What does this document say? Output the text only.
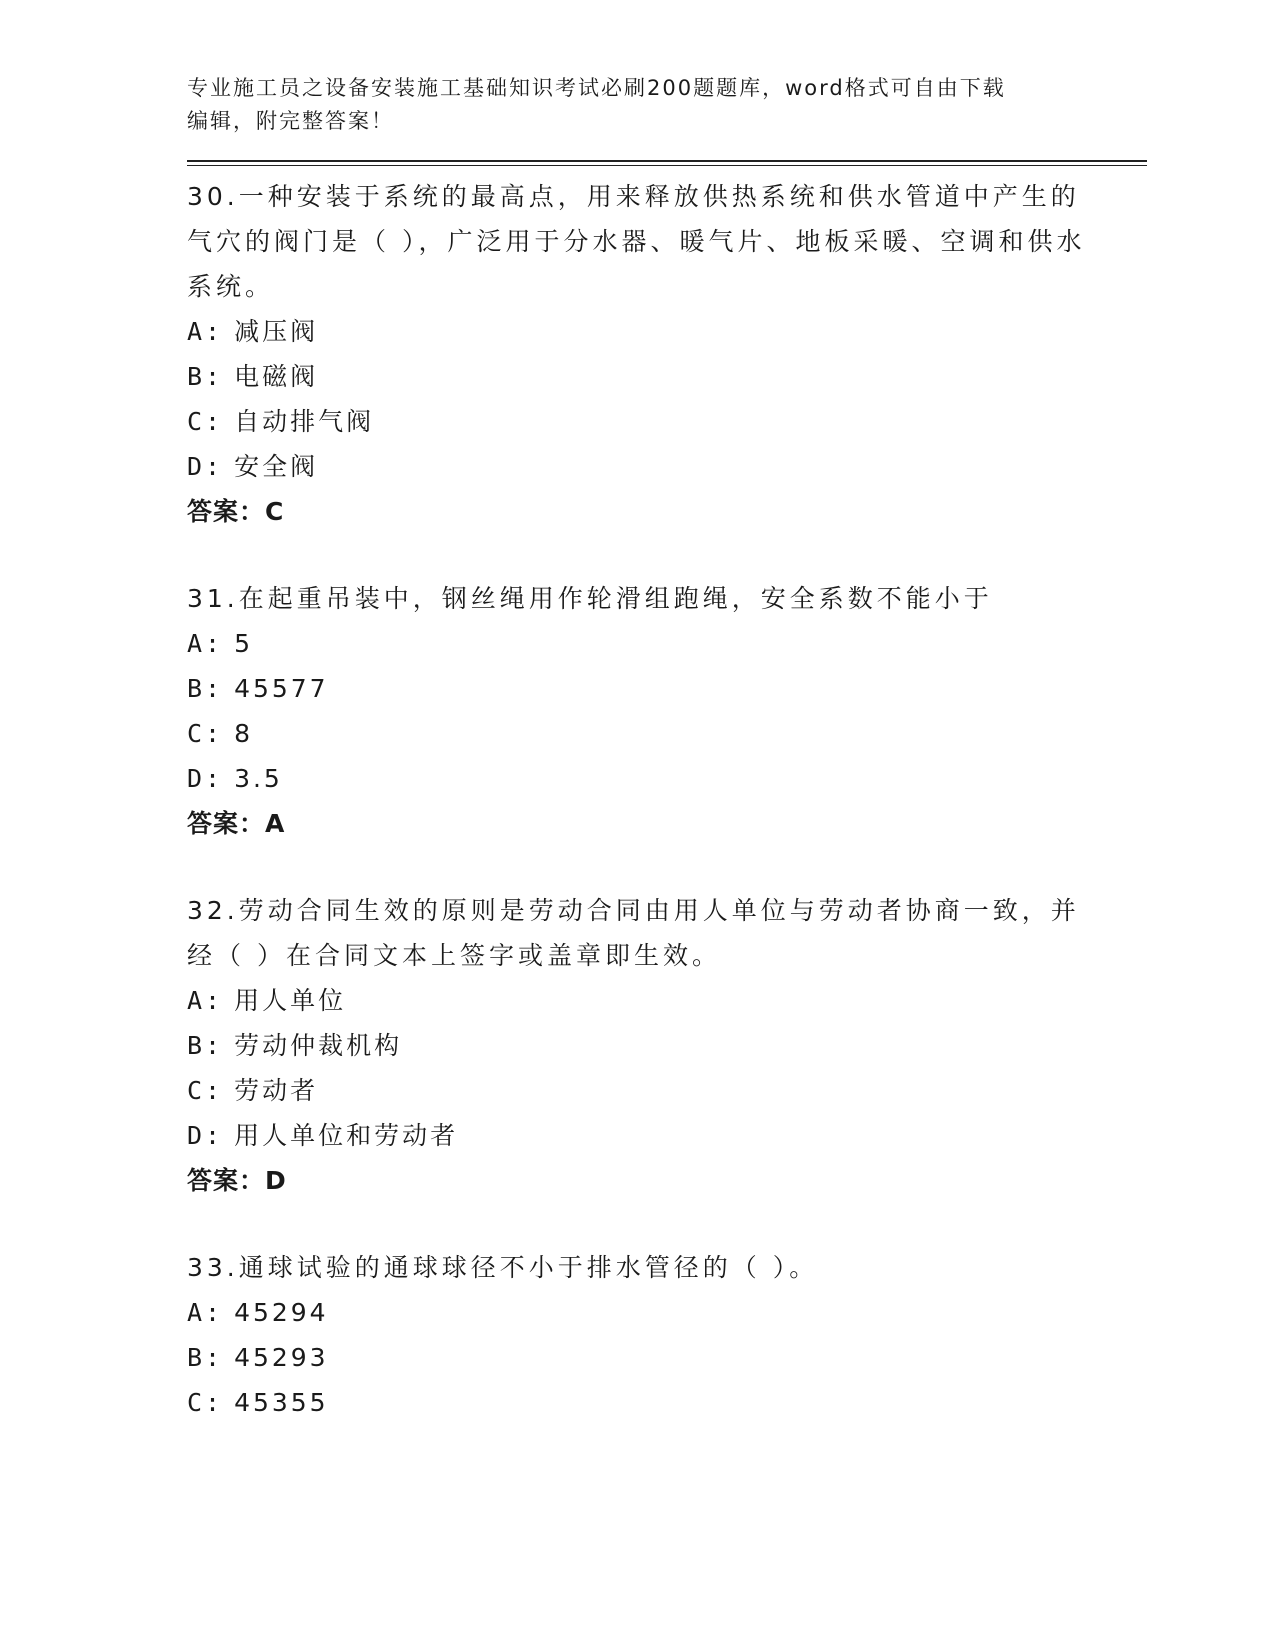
专业施工员之设备安装施工基础知识考试必刷200题题库，word格式可自由下载
编辑，附完整答案！
30.一种安装于系统的最高点，用来释放供热系统和供水管道中产生的气穴的阀门是（ ），广泛用于分水器、暖气片、地板采暖、空调和供水系统。
A: 减压阀
B: 电磁阀
C: 自动排气阀
D: 安全阀
答案：C
31.在起重吊装中，钢丝绳用作轮滑组跑绳，安全系数不能小于
A: 5
B: 45577
C: 8
D: 3.5
答案：A
32.劳动合同生效的原则是劳动合同由用人单位与劳动者协商一致，并经（ ）在合同文本上签字或盖章即生效。
A: 用人单位
B: 劳动仲裁机构
C: 劳动者
D: 用人单位和劳动者
答案：D
33.通球试验的通球球径不小于排水管径的（ ）。
A: 45294
B: 45293
C: 45355
